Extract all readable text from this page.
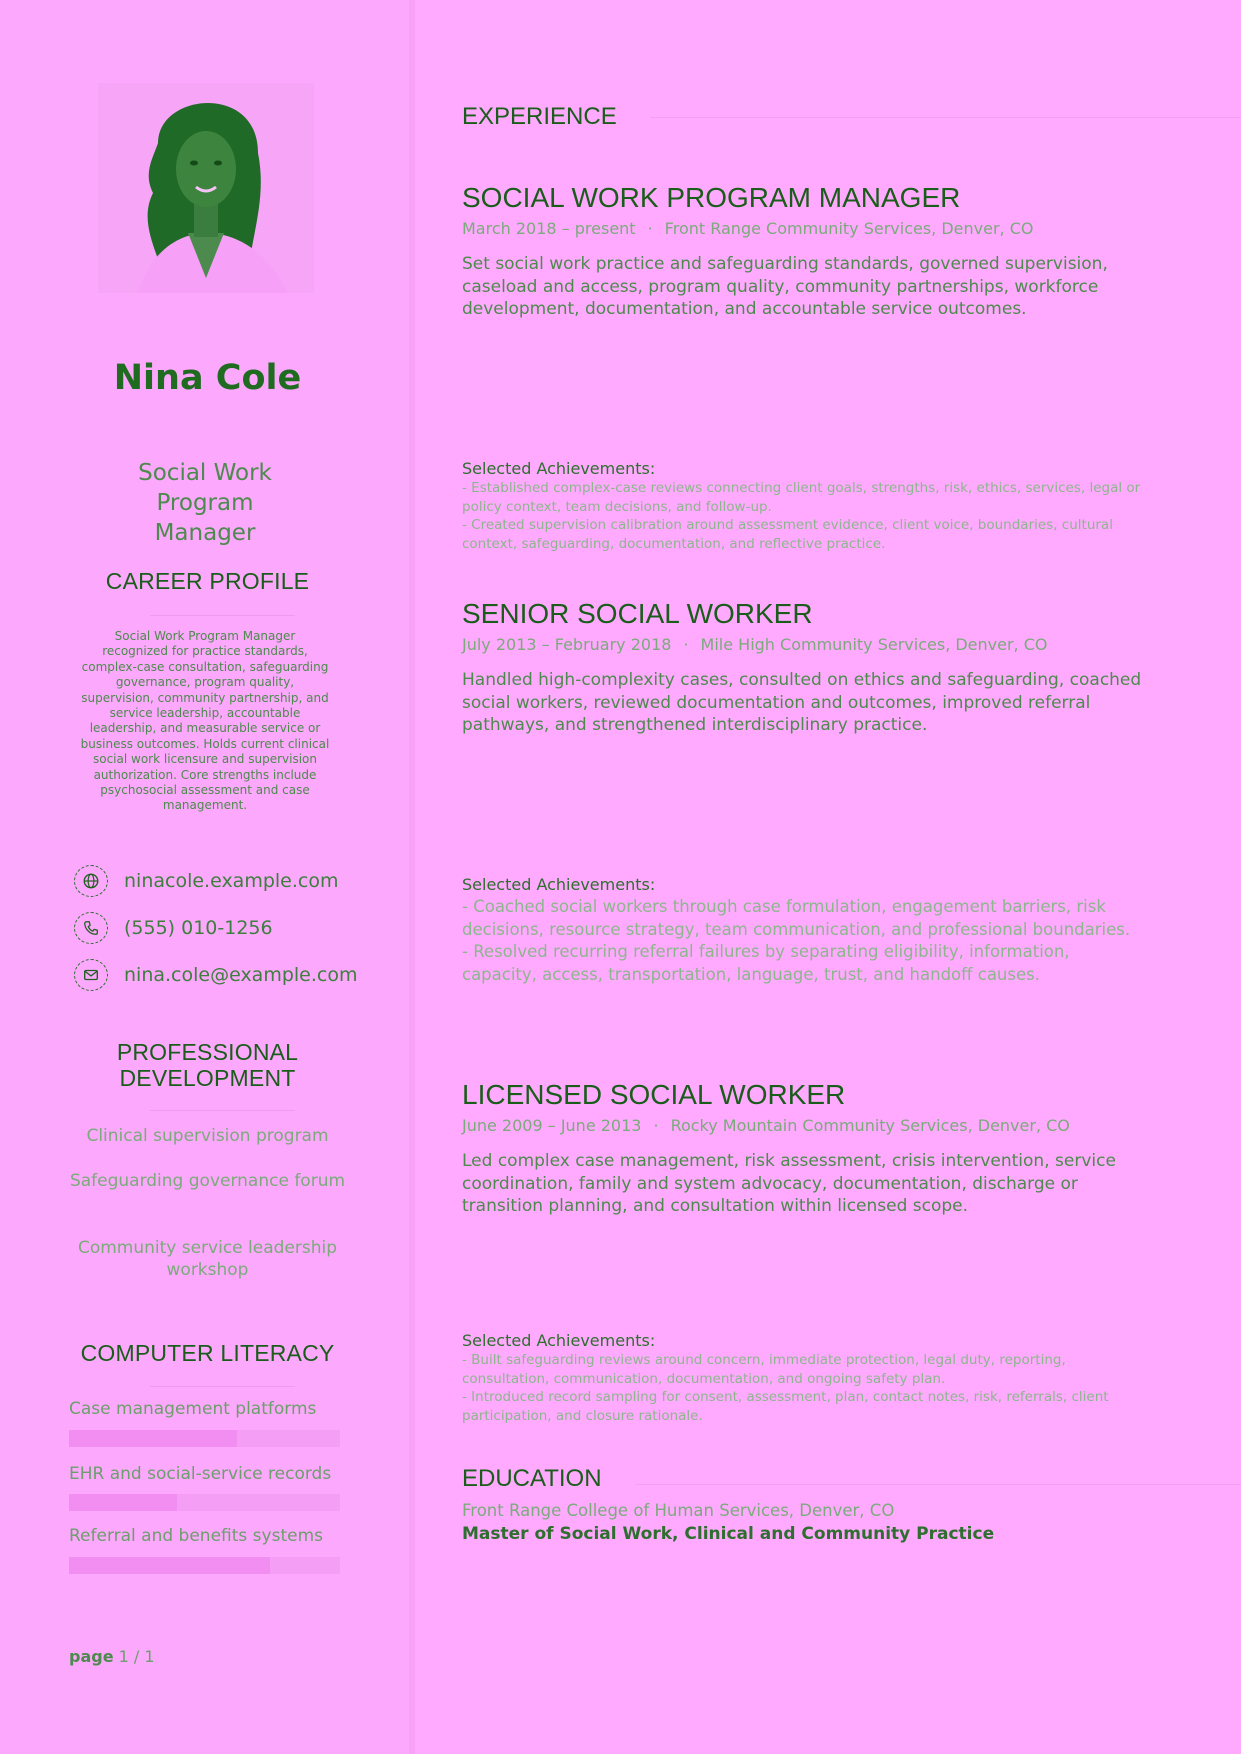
Nina Cole
Social Work Program Manager
CAREER PROFILE
Social Work Program Manager recognized for practice standards, complex-case consultation, safeguarding governance, program quality, supervision, community partnership, and service leadership, accountable leadership, and measurable service or business outcomes. Holds current clinical social work licensure and supervision authorization. Core strengths include psychosocial assessment and case management.
ninacole.example.com
(555) 010-1256
nina.cole@example.com
PROFESSIONAL
DEVELOPMENT
Clinical supervision program
Safeguarding governance forum
Community service leadership workshop
COMPUTER LITERACY
Case management platforms
EHR and social-service records
Referral and benefits systems
page 1 / 1
EXPERIENCE
SOCIAL WORK PROGRAM MANAGER
March 2018 – present · Front Range Community Services, Denver, CO
Set social work practice and safeguarding standards, governed supervision, caseload and access, program quality, community partnerships, workforce development, documentation, and accountable service outcomes.
Selected Achievements:
- Established complex-case reviews connecting client goals, strengths, risk, ethics, services, legal or policy context, team decisions, and follow-up.
- Created supervision calibration around assessment evidence, client voice, boundaries, cultural context, safeguarding, documentation, and reflective practice.
SENIOR SOCIAL WORKER
July 2013 – February 2018 · Mile High Community Services, Denver, CO
Handled high-complexity cases, consulted on ethics and safeguarding, coached social workers, reviewed documentation and outcomes, improved referral pathways, and strengthened interdisciplinary practice.
Selected Achievements:
- Coached social workers through case formulation, engagement barriers, risk decisions, resource strategy, team communication, and professional boundaries.
- Resolved recurring referral failures by separating eligibility, information, capacity, access, transportation, language, trust, and handoff causes.
LICENSED SOCIAL WORKER
June 2009 – June 2013 · Rocky Mountain Community Services, Denver, CO
Led complex case management, risk assessment, crisis intervention, service coordination, family and system advocacy, documentation, discharge or transition planning, and consultation within licensed scope.
Selected Achievements:
- Built safeguarding reviews around concern, immediate protection, legal duty, reporting, consultation, communication, documentation, and ongoing safety plan.
- Introduced record sampling for consent, assessment, plan, contact notes, risk, referrals, client participation, and closure rationale.
EDUCATION
Front Range College of Human Services, Denver, CO
Master of Social Work, Clinical and Community Practice
